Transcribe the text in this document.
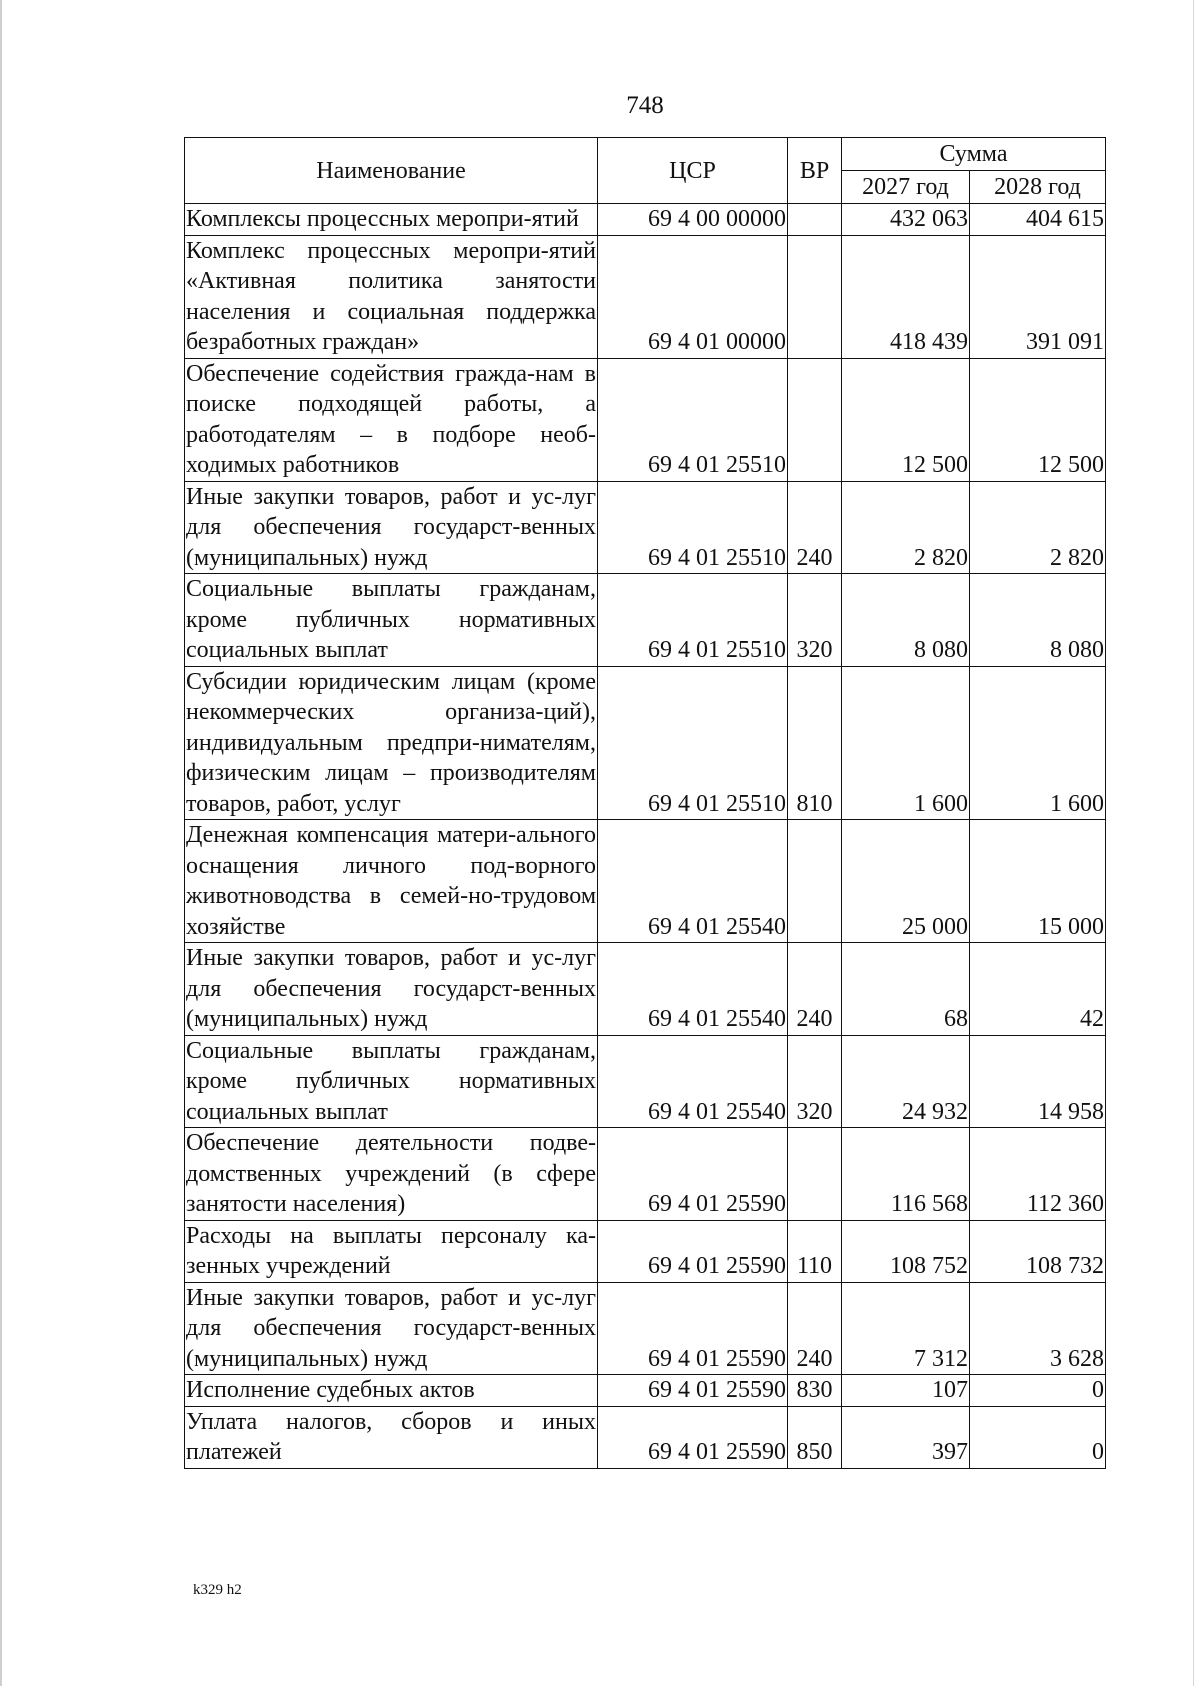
748
Наименование	ЦСР	ВР	Сумма	
			2027 год	2028 год
Комплексы процессных меропри-ятий	69 4 00 00000		432 063	404 615
Комплекс процессных меропри-ятий «Активная политика занятости населения и социальная поддержка безработных граждан»	69 4 01 00000		418 439	391 091
Обеспечение содействия гражда-нам в поиске подходящей работы, а работодателям – в подборе необ-ходимых работников	69 4 01 25510		12 500	12 500
Иные закупки товаров, работ и ус-луг для обеспечения государст-венных (муниципальных) нужд	69 4 01 25510	240	2 820	2 820
Социальные выплаты гражданам, кроме публичных нормативных социальных выплат	69 4 01 25510	320	8 080	8 080
Субсидии юридическим лицам (кроме некоммерческих организа-ций), индивидуальным предпри-нимателям, физическим лицам – производителям товаров, работ, услуг	69 4 01 25510	810	1 600	1 600
Денежная компенсация матери-ального оснащения личного под-ворного животноводства в семей-но-трудовом хозяйстве	69 4 01 25540		25 000	15 000
Иные закупки товаров, работ и ус-луг для обеспечения государст-венных (муниципальных) нужд	69 4 01 25540	240	68	42
Социальные выплаты гражданам, кроме публичных нормативных социальных выплат	69 4 01 25540	320	24 932	14 958
Обеспечение деятельности подве-домственных учреждений (в сфере занятости населения)	69 4 01 25590		116 568	112 360
Расходы на выплаты персоналу ка-зенных учреждений	69 4 01 25590	110	108 752	108 732
Иные закупки товаров, работ и ус-луг для обеспечения государст-венных (муниципальных) нужд	69 4 01 25590	240	7 312	3 628
Исполнение судебных актов	69 4 01 25590	830	107	0
Уплата налогов, сборов и иных платежей	69 4 01 25590	850	397	0
k329 h2
